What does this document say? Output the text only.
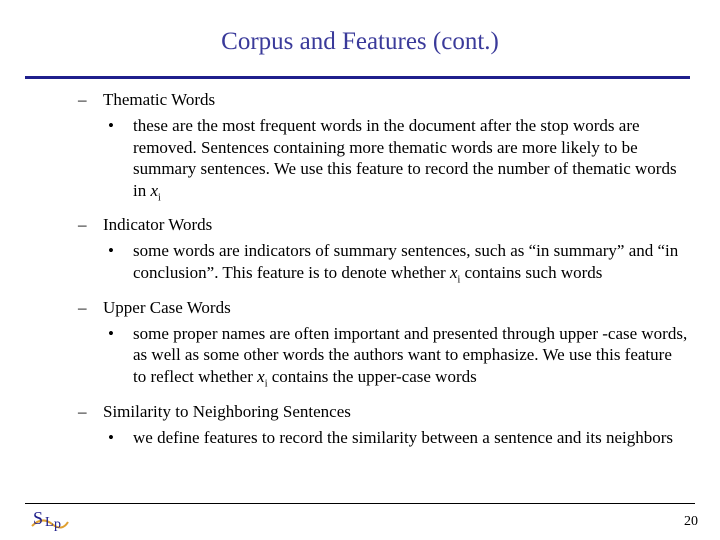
Corpus and Features (cont.)
– Thematic Words
• these are the most frequent words in the document after the stop words are removed. Sentences containing more thematic words are more likely to be summary sentences. We use this feature to record the number of thematic words in $x_i$
– Indicator Words
• some words are indicators of summary sentences, such as “in summary” and “in conclusion”. This feature is to denote whether $x_i$ contains such words
– Upper Case Words
• some proper names are often important and presented through upper -case words, as well as some other words the authors want to emphasize. We use this feature to reflect whether $x_i$ contains the upper-case words
– Similarity to Neighboring Sentences
• we define features to record the similarity between a sentence and its neighbors
S L p	20
